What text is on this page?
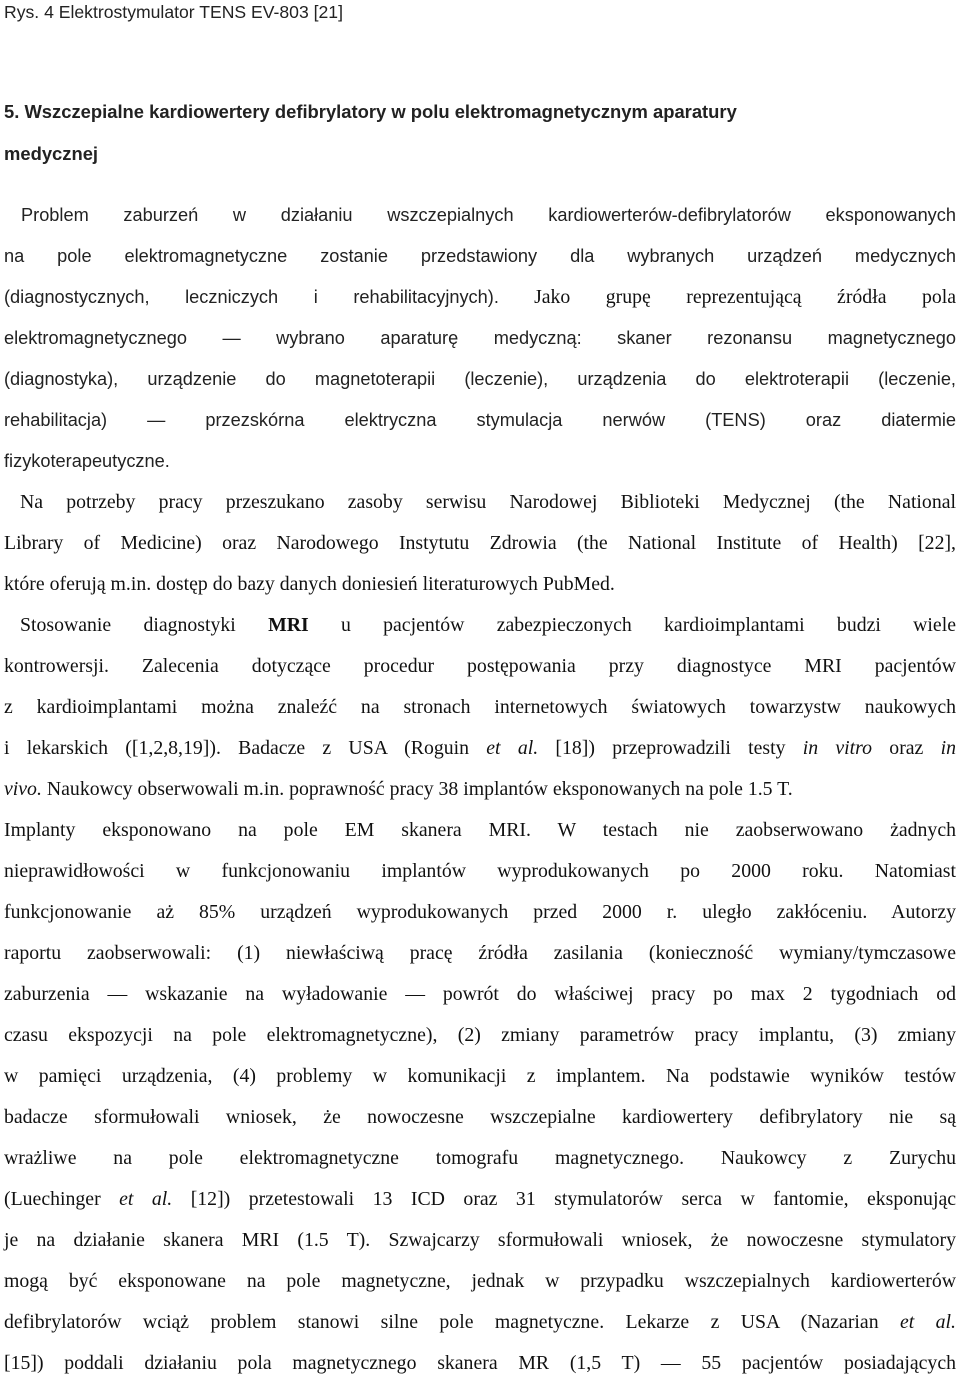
Rys. 4 Elektrostymulator TENS EV-803 [21]
5. Wszczepialne kardiowertery defibrylatory w polu elektromagnetycznym aparatury
medycznej
Problem zaburzeń w działaniu wszczepialnych kardiowerterów-defibrylatorów eksponowanych
na pole elektromagnetyczne zostanie przedstawiony dla wybranych urządzeń medycznych
(diagnostycznych, leczniczych i rehabilitacyjnych). Jako grupę reprezentującą źródła pola
elektromagnetycznego — wybrano aparaturę medyczną: skaner rezonansu magnetycznego
(diagnostyka), urządzenie do magnetoterapii (leczenie), urządzenia do elektroterapii (leczenie,
rehabilitacja) — przezskórna elektryczna stymulacja nerwów (TENS) oraz diatermie
fizykoterapeutyczne.
Na potrzeby pracy przeszukano zasoby serwisu Narodowej Biblioteki Medycznej (the National
Library of Medicine) oraz Narodowego Instytutu Zdrowia (the National Institute of Health) [22],
które oferują m.in. dostęp do bazy danych doniesień literaturowych PubMed.
Stosowanie diagnostyki MRI u pacjentów zabezpieczonych kardioimplantami budzi wiele
kontrowersji. Zalecenia dotyczące procedur postępowania przy diagnostyce MRI pacjentów
z kardioimplantami można znaleźć na stronach internetowych światowych towarzystw naukowych
i lekarskich ([1,2,8,19]). Badacze z USA (Roguin et al. [18]) przeprowadzili testy in vitro oraz in
vivo. Naukowcy obserwowali m.in. poprawność pracy 38 implantów eksponowanych na pole 1.5 T.
Implanty eksponowano na pole EM skanera MRI. W testach nie zaobserwowano żadnych
nieprawidłowości w funkcjonowaniu implantów wyprodukowanych po 2000 roku. Natomiast
funkcjonowanie aż 85% urządzeń wyprodukowanych przed 2000 r. uległo zakłóceniu. Autorzy
raportu zaobserwowali: (1) niewłaściwą pracę źródła zasilania (konieczność wymiany/tymczasowe
zaburzenia — wskazanie na wyładowanie — powrót do właściwej pracy po max 2 tygodniach od
czasu ekspozycji na pole elektromagnetyczne), (2) zmiany parametrów pracy implantu, (3) zmiany
w pamięci urządzenia, (4) problemy w komunikacji z implantem. Na podstawie wyników testów
badacze sformułowali wniosek, że nowoczesne wszczepialne kardiowertery defibrylatory nie są
wrażliwe na pole elektromagnetyczne tomografu magnetycznego. Naukowcy z Zurychu
(Luechinger et al. [12]) przetestowali 13 ICD oraz 31 stymulatorów serca w fantomie, eksponując
je na działanie skanera MRI (1.5 T). Szwajcarzy sformułowali wniosek, że nowoczesne stymulatory
mogą być eksponowane na pole magnetyczne, jednak w przypadku wszczepialnych kardiowerterów
defibrylatorów wciąż problem stanowi silne pole magnetyczne. Lekarze z USA (Nazarian et al.
[15]) poddali działaniu pola magnetycznego skanera MR (1,5 T) — 55 pacjentów posiadających
